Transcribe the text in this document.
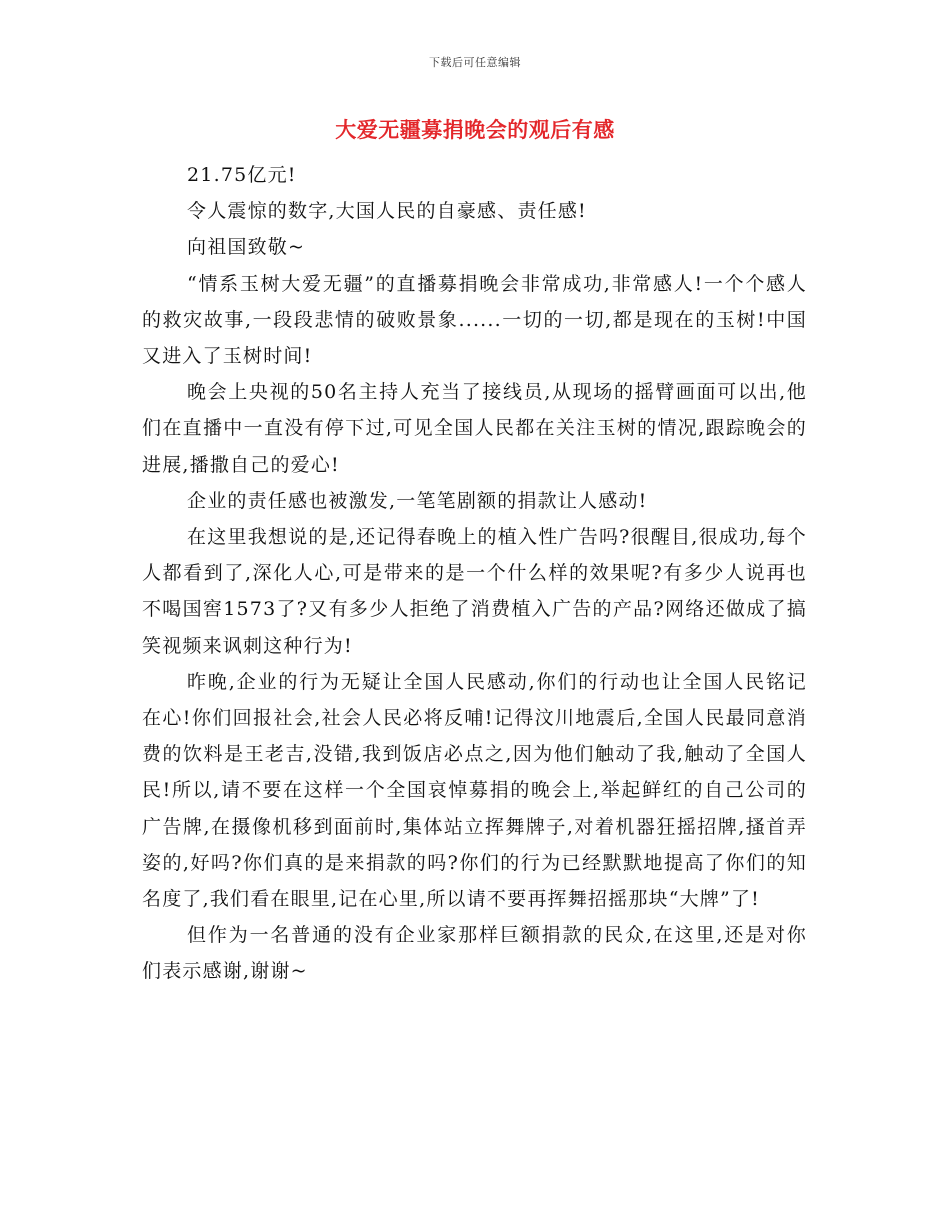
下载后可任意编辑
大爱无疆募捐晚会的观后有感

21.75亿元!

令人震惊的数字,大国人民的自豪感、责任感!

向祖国致敬~

“情系玉树大爱无疆”的直播募捐晚会非常成功,非常感人!一个个感人的救灾故事,一段段悲情的破败景象......一切的一切,都是现在的玉树!中国又进入了玉树时间!

晚会上央视的50名主持人充当了接线员,从现场的摇臂画面可以出,他们在直播中一直没有停下过,可见全国人民都在关注玉树的情况,跟踪晚会的进展,播撒自己的爱心!

企业的责任感也被激发,一笔笔剧额的捐款让人感动!

在这里我想说的是,还记得春晚上的植入性广告吗?很醒目,很成功,每个人都看到了,深化人心,可是带来的是一个什么样的效果呢?有多少人说再也不喝国窖1573了?又有多少人拒绝了消费植入广告的产品?网络还做成了搞笑视频来讽刺这种行为!

昨晚,企业的行为无疑让全国人民感动,你们的行动也让全国人民铭记在心!你们回报社会,社会人民必将反哺!记得汶川地震后,全国人民最同意消费的饮料是王老吉,没错,我到饭店必点之,因为他们触动了我,触动了全国人民!所以,请不要在这样一个全国哀悼募捐的晚会上,举起鲜红的自己公司的广告牌,在摄像机移到面前时,集体站立挥舞牌子,对着机器狂摇招牌,搔首弄姿的,好吗?你们真的是来捐款的吗?你们的行为已经默默地提高了你们的知名度了,我们看在眼里,记在心里,所以请不要再挥舞招摇那块“大牌”了!

但作为一名普通的没有企业家那样巨额捐款的民众,在这里,还是对你们表示感谢,谢谢~
